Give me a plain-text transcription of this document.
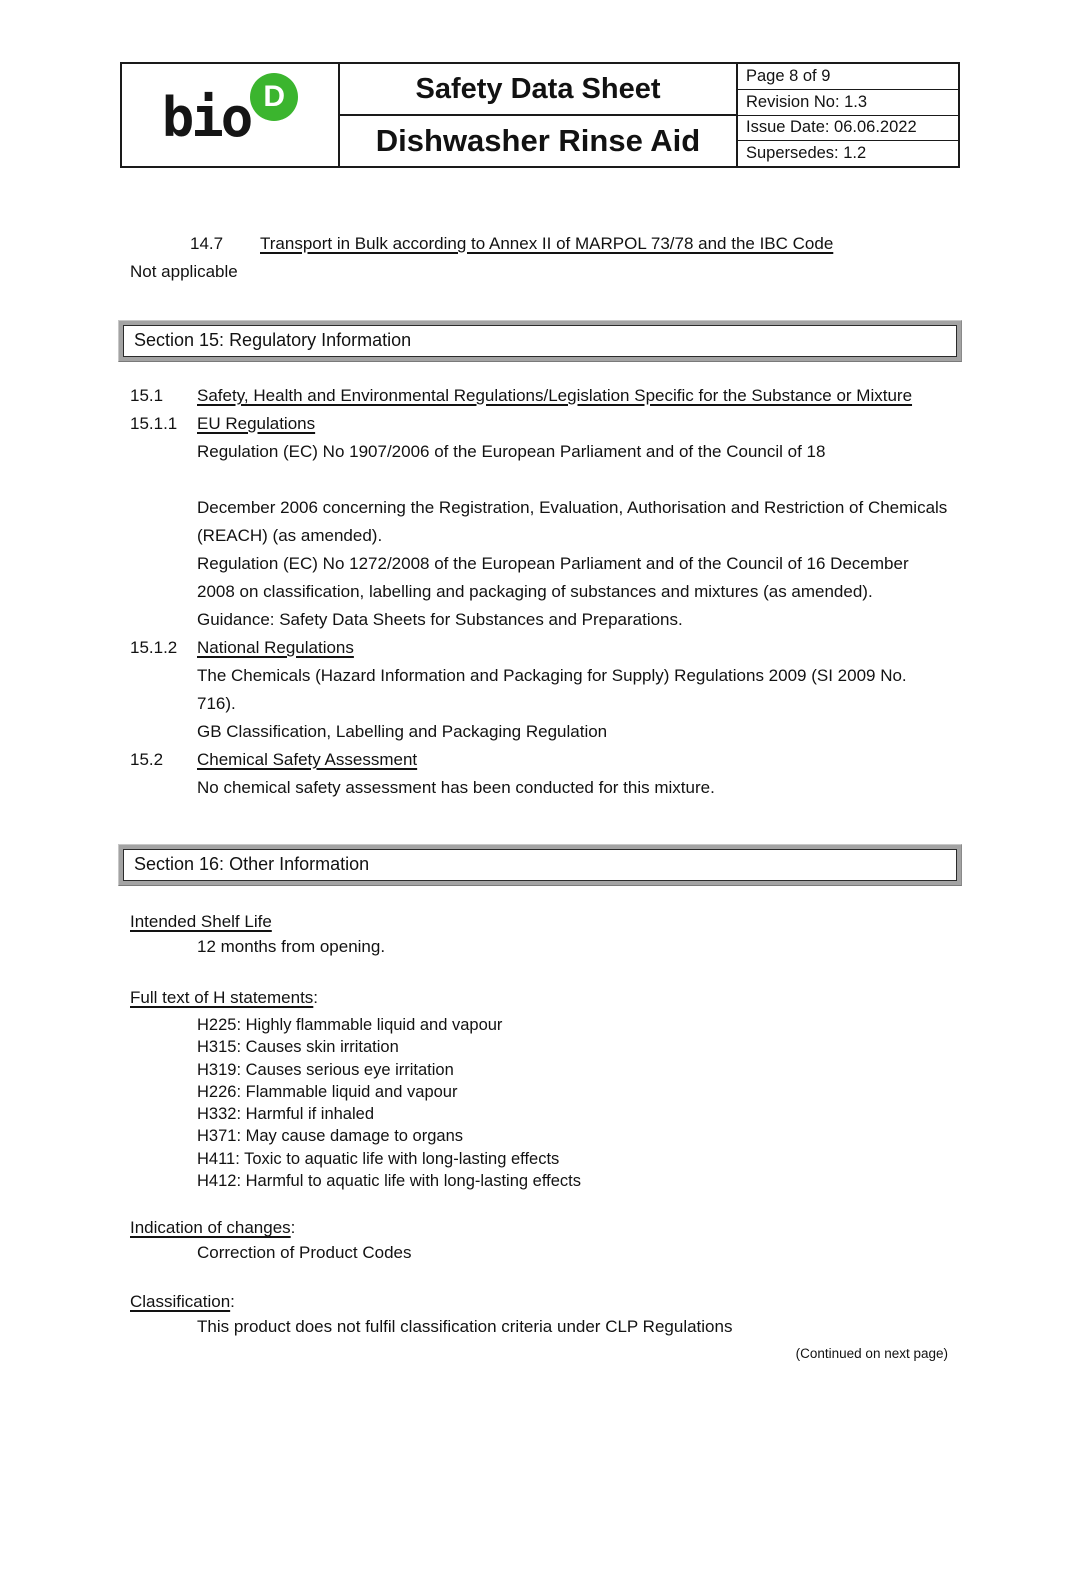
bio D	Safety Data Sheet
Dishwasher Rinse Aid
Page 8 of 9
Revision No: 1.3
Issue Date: 06.06.2022
Supersedes: 1.2
14.7 Transport in Bulk according to Annex II of MARPOL 73/78 and the IBC Code
Not applicable
Section 15: Regulatory Information
15.1 Safety, Health and Environmental Regulations/Legislation Specific for the Substance or Mixture
15.1.1 EU Regulations
Regulation (EC) No 1907/2006 of the European Parliament and of the Council of 18
December 2006 concerning the Registration, Evaluation, Authorisation and Restriction of Chemicals (REACH) (as amended).
Regulation (EC) No 1272/2008 of the European Parliament and of the Council of 16 December 2008 on classification, labelling and packaging of substances and mixtures (as amended).
Guidance: Safety Data Sheets for Substances and Preparations.
15.1.2 National Regulations
The Chemicals (Hazard Information and Packaging for Supply) Regulations 2009 (SI 2009 No. 716).
GB Classification, Labelling and Packaging Regulation
15.2 Chemical Safety Assessment
No chemical safety assessment has been conducted for this mixture.
Section 16: Other Information
Intended Shelf Life
12 months from opening.
Full text of H statements:
H225: Highly flammable liquid and vapour
H315: Causes skin irritation
H319: Causes serious eye irritation
H226: Flammable liquid and vapour
H332: Harmful if inhaled
H371: May cause damage to organs
H411: Toxic to aquatic life with long-lasting effects
H412: Harmful to aquatic life with long-lasting effects
Indication of changes:
Correction of Product Codes
Classification:
This product does not fulfil classification criteria under CLP Regulations
(Continued on next page)
